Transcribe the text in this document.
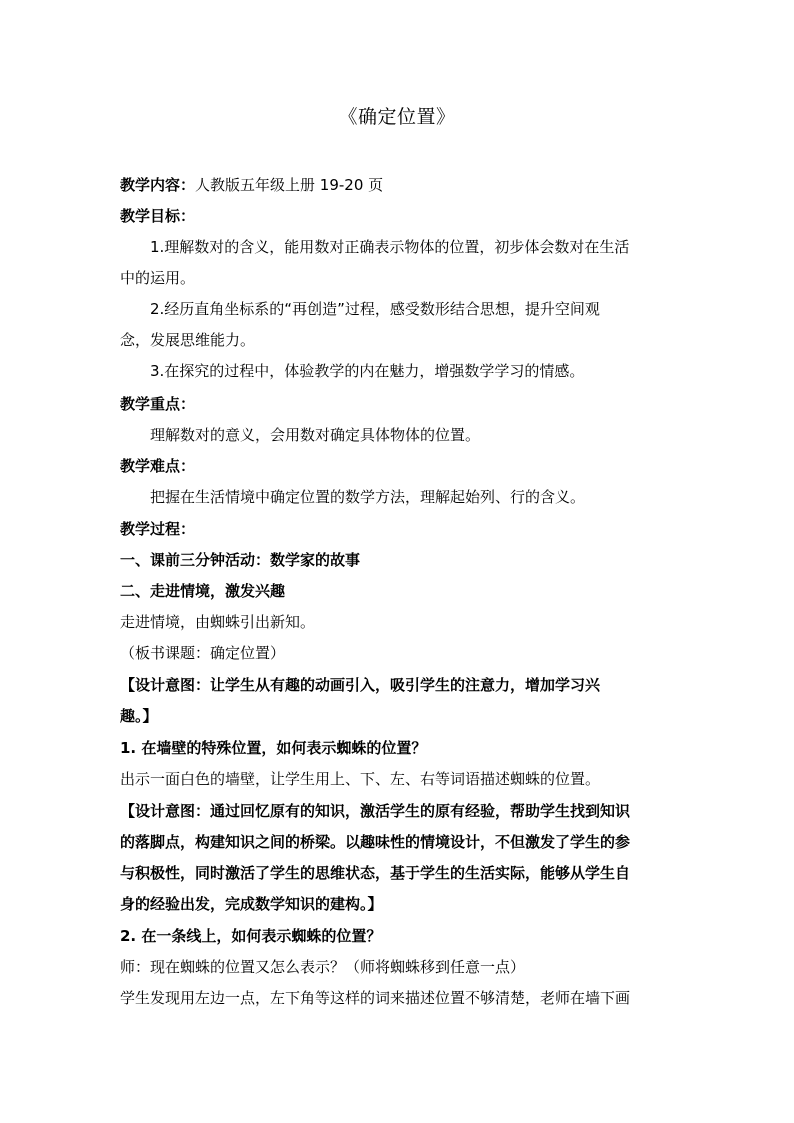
《确定位置》
教学内容：人教版五年级上册 19-20 页
教学目标：
1.理解数对的含义，能用数对正确表示物体的位置，初步体会数对在生活
中的运用。
2.经历直角坐标系的“再创造”过程，感受数形结合思想，提升空间观
念，发展思维能力。
3.在探究的过程中，体验教学的内在魅力，增强数学学习的情感。
教学重点：
理解数对的意义，会用数对确定具体物体的位置。
教学难点：
把握在生活情境中确定位置的数学方法，理解起始列、行的含义。
教学过程：
一、课前三分钟活动：数学家的故事
二、走进情境，激发兴趣
走进情境，由蜘蛛引出新知。
（板书课题：确定位置）
【设计意图：让学生从有趣的动画引入，吸引学生的注意力，增加学习兴
趣。】
1. 在墙壁的特殊位置，如何表示蜘蛛的位置？
出示一面白色的墙壁，让学生用上、下、左、右等词语描述蜘蛛的位置。
【设计意图：通过回忆原有的知识，激活学生的原有经验，帮助学生找到知识
的落脚点，构建知识之间的桥梁。以趣味性的情境设计，不但激发了学生的参
与积极性，同时激活了学生的思维状态，基于学生的生活实际，能够从学生自
身的经验出发，完成数学知识的建构。】
2. 在一条线上，如何表示蜘蛛的位置？
师：现在蜘蛛的位置又怎么表示？（师将蜘蛛移到任意一点）
学生发现用左边一点，左下角等这样的词来描述位置不够清楚，老师在墙下画
